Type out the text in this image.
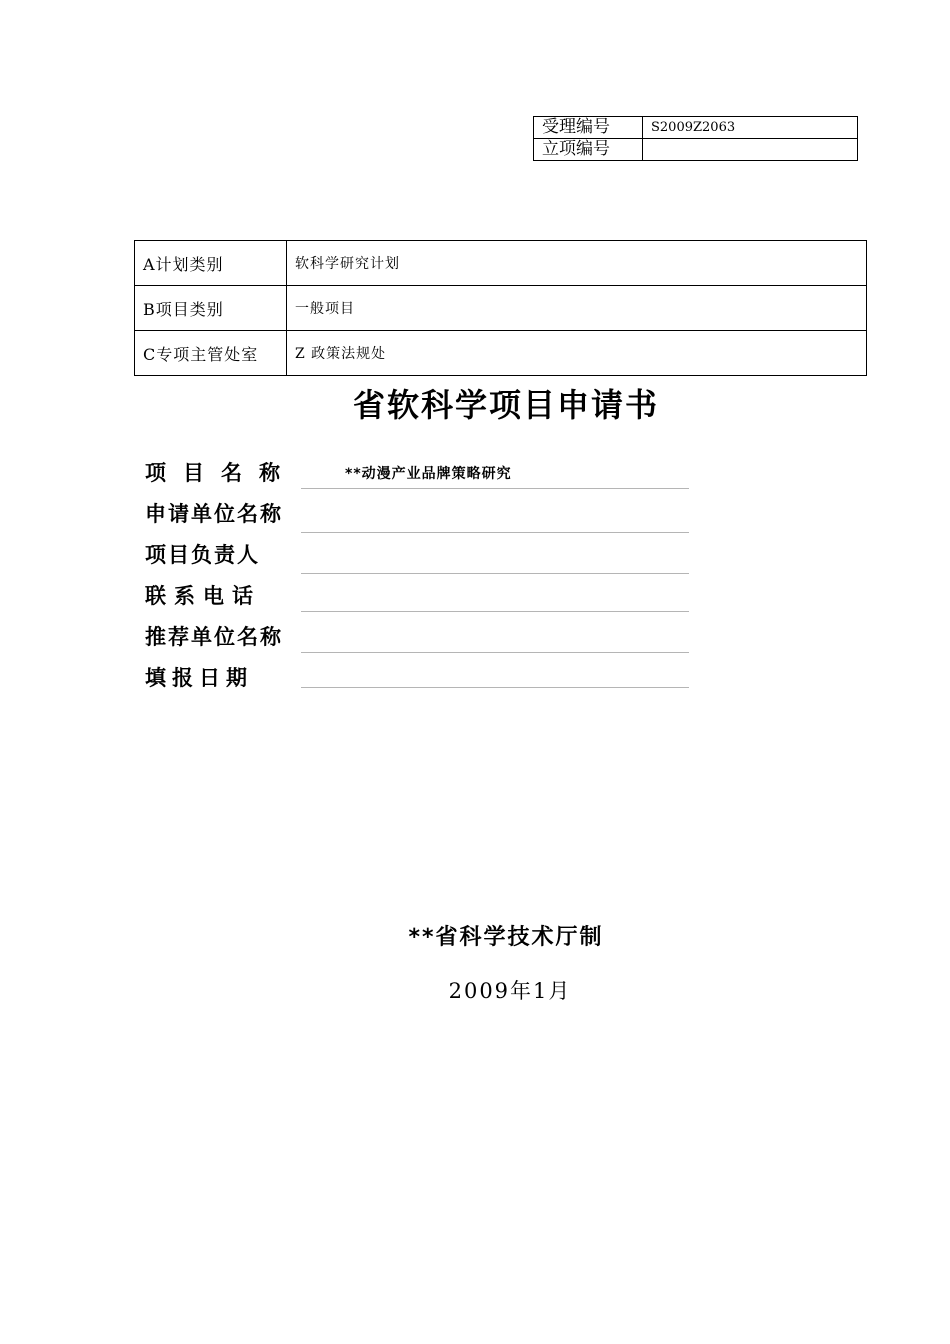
受理编号	S2009Z2063
立项编号	
A计划类别	软科学研究计划
B项目类别	一般项目
C专项主管处室	Z 政策法规处
省软科学项目申请书
项目名称	**动漫产业品牌策略研究
申请单位名称
项目负责人
联系电话
推荐单位名称
填报日期
**省科学技术厅制
2009年1月
